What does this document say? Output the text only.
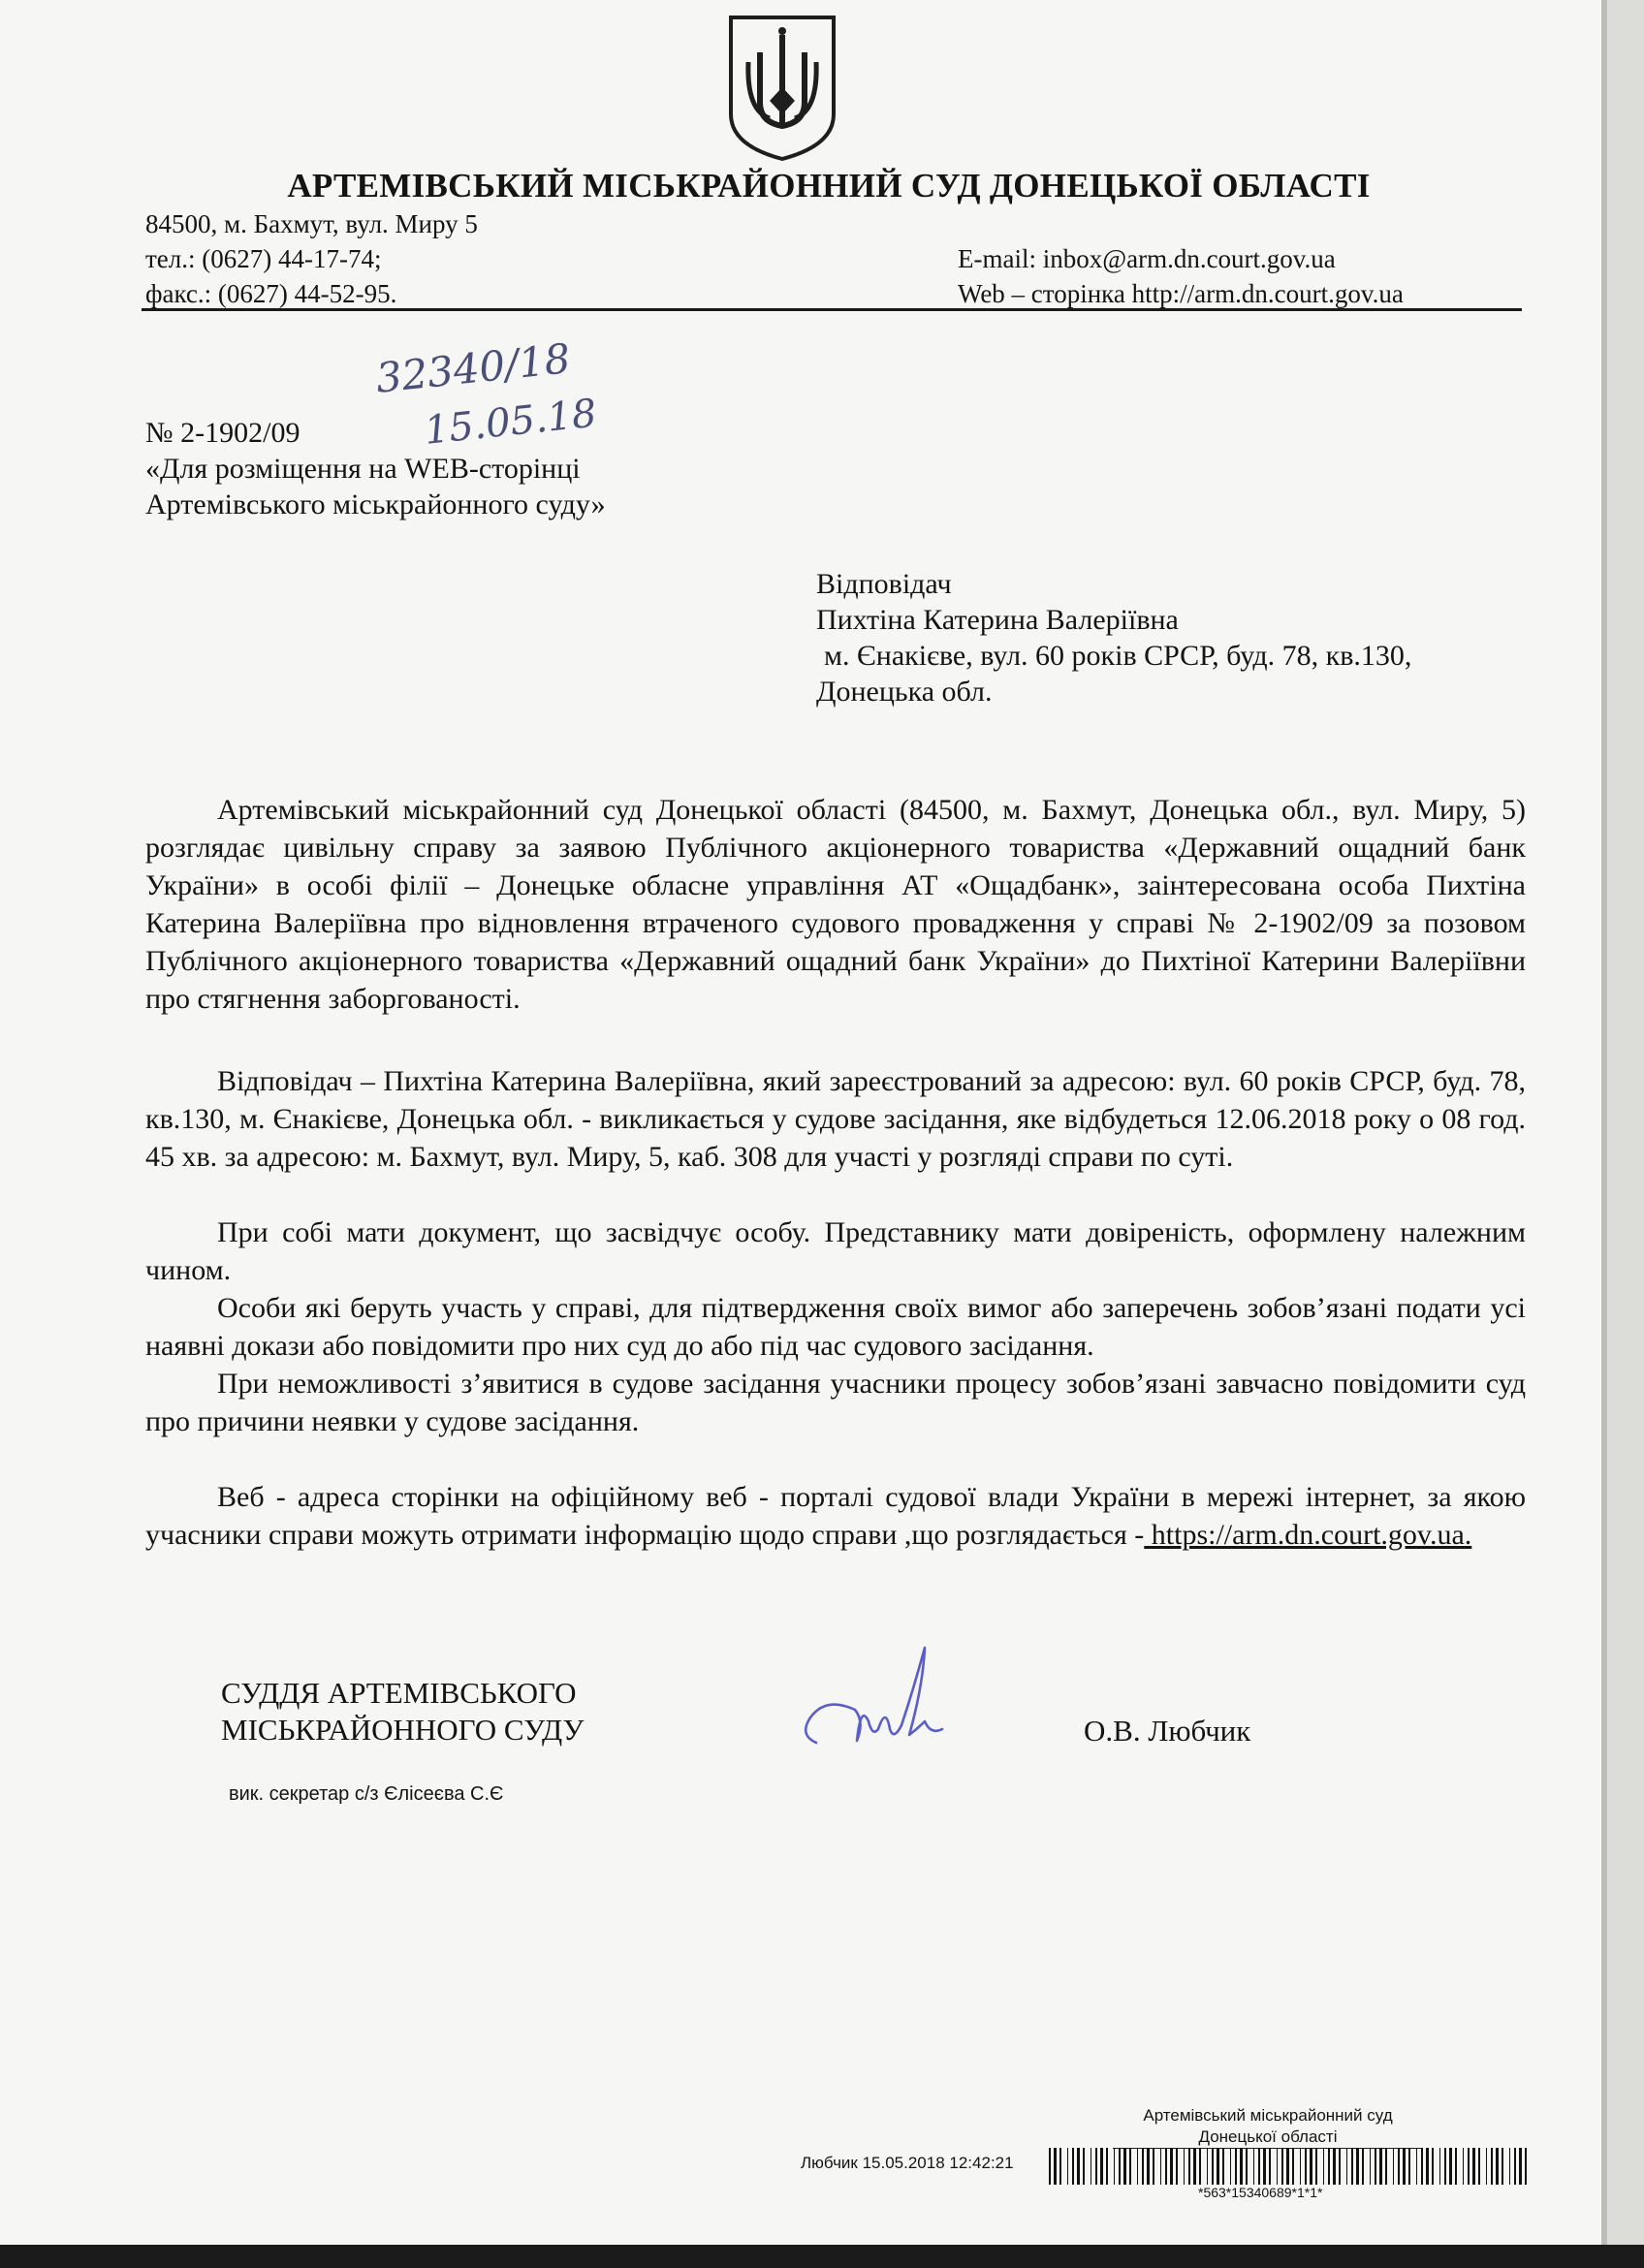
АРТЕМІВСЬКИЙ МІСЬКРАЙОННИЙ СУД ДОНЕЦЬКОЇ ОБЛАСТІ
84500, м. Бахмут, вул. Миру 5
тел.: (0627) 44-17-74;
факс.: (0627) 44-52-95.
E-mail: inbox@arm.dn.court.gov.ua
Web – сторінка http://arm.dn.court.gov.ua
32340/18
15.05.18
№ 2-1902/09
«Для розміщення на WEB-сторінці
Артемівського міськрайонного суду»
Відповідач
Пихтіна Катерина Валеріївна
м. Єнакієве, вул. 60 років СРСР, буд. 78, кв.130,
Донецька обл.
Артемівський міськрайонний суд Донецької області (84500, м. Бахмут, Донецька обл., вул. Миру, 5) розглядає цивільну справу за заявою Публічного акціонерного товариства «Державний ощадний банк України» в особі філії – Донецьке обласне управління АТ «Ощадбанк», заінтересована особа Пихтіна Катерина Валеріївна про відновлення втраченого судового провадження у справі № 2-1902/09 за позовом Публічного акціонерного товариства «Державний ощадний банк України» до Пихтіної Катерини Валеріївни про стягнення заборгованості.
Відповідач – Пихтіна Катерина Валеріївна, який зареєстрований за адресою: вул. 60 років СРСР, буд. 78, кв.130, м. Єнакієве, Донецька обл. - викликається у судове засідання, яке відбудеться 12.06.2018 року о 08 год. 45 хв. за адресою: м. Бахмут, вул. Миру, 5, каб. 308 для участі у розгляді справи по суті.
При собі мати документ, що засвідчує особу. Представнику мати довіреність, оформлену належним чином.
Особи які беруть участь у справі, для підтвердження своїх вимог або заперечень зобов’язані подати усі наявні докази або повідомити про них суд до або під час судового засідання.
При неможливості з’явитися в судове засідання учасники процесу зобов’язані завчасно повідомити суд про причини неявки у судове засідання.
Веб - адреса сторінки на офіційному веб - порталі судової влади України в мережі інтернет, за якою учасники справи можуть отримати інформацію щодо справи ,що розглядається - https://arm.dn.court.gov.ua.
СУДДЯ АРТЕМІВСЬКОГО
МІСЬКРАЙОННОГО СУДУ	О.В. Любчик
вик. секретар с/з Єлісеєва С.Є
Артемівський міськрайонний суд
Донецької області
Любчик 15.05.2018 12:42:21
*563*15340689*1*1*
